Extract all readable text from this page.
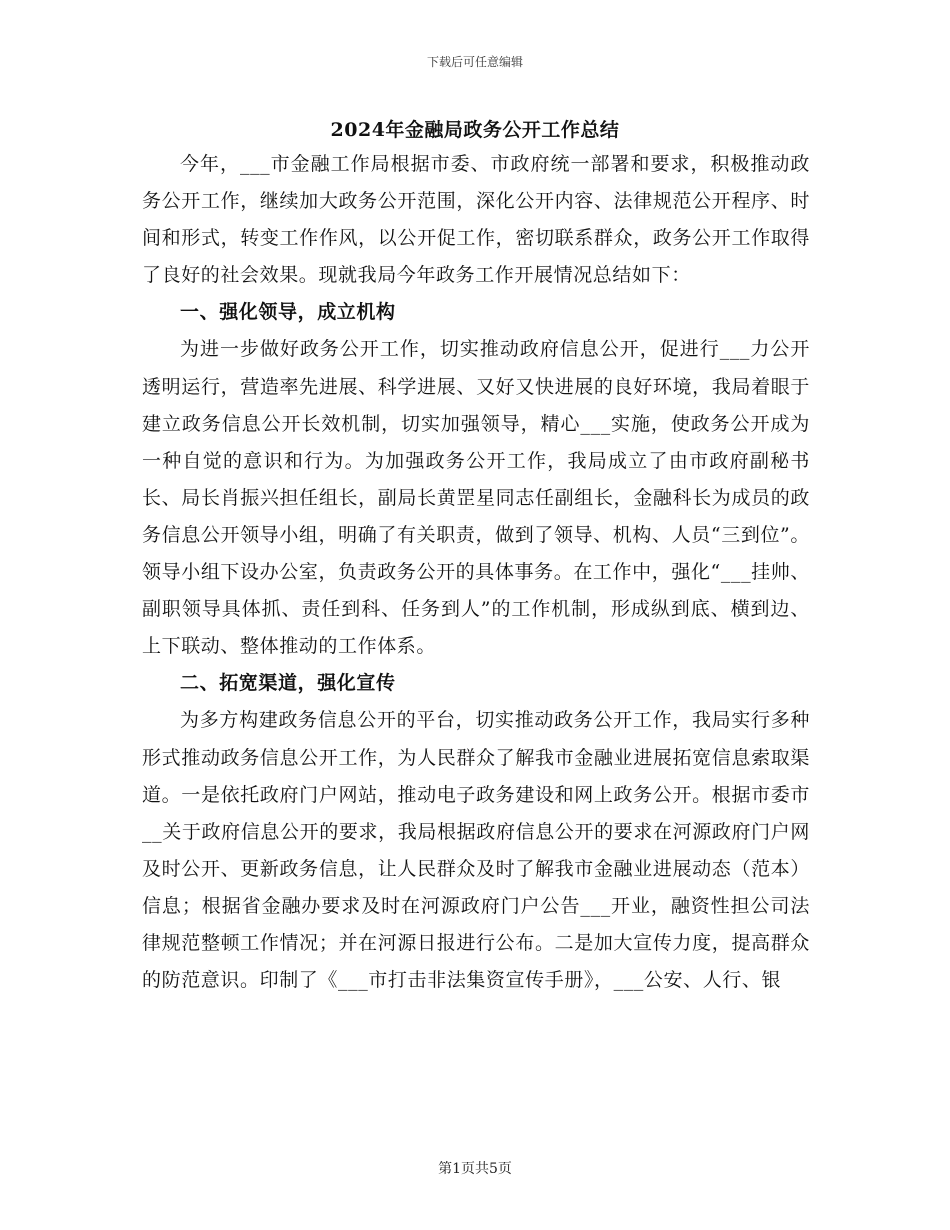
下载后可任意编辑
2024年金融局政务公开工作总结

今年，___市金融工作局根据市委、市政府统一部署和要求，积极推动政务公开工作，继续加大政务公开范围，深化公开内容、法律规范公开程序、时间和形式，转变工作作风，以公开促工作，密切联系群众，政务公开工作取得了良好的社会效果。现就我局今年政务工作开展情况总结如下：

一、强化领导，成立机构

为进一步做好政务公开工作，切实推动政府信息公开，促进行___力公开透明运行，营造率先进展、科学进展、又好又快进展的良好环境，我局着眼于建立政务信息公开长效机制，切实加强领导，精心___实施，使政务公开成为一种自觉的意识和行为。为加强政务公开工作，我局成立了由市政府副秘书长、局长肖振兴担任组长，副局长黄罡星同志任副组长，金融科长为成员的政务信息公开领导小组，明确了有关职责，做到了领导、机构、人员“三到位”。领导小组下设办公室，负责政务公开的具体事务。在工作中，强化“___挂帅、副职领导具体抓、责任到科、任务到人”的工作机制，形成纵到底、横到边、上下联动、整体推动的工作体系。

二、拓宽渠道，强化宣传

为多方构建政务信息公开的平台，切实推动政务公开工作，我局实行多种形式推动政务信息公开工作，为人民群众了解我市金融业进展拓宽信息索取渠道。一是依托政府门户网站，推动电子政务建设和网上政务公开。根据市委市__关于政府信息公开的要求，我局根据政府信息公开的要求在河源政府门户网及时公开、更新政务信息，让人民群众及时了解我市金融业进展动态（范本）信息；根据省金融办要求及时在河源政府门户公告___开业，融资性担公司法律规范整顿工作情况；并在河源日报进行公布。二是加大宣传力度，提高群众的防范意识。印制了《___市打击非法集资宣传手册》，___公安、人行、银

第1页共5页
